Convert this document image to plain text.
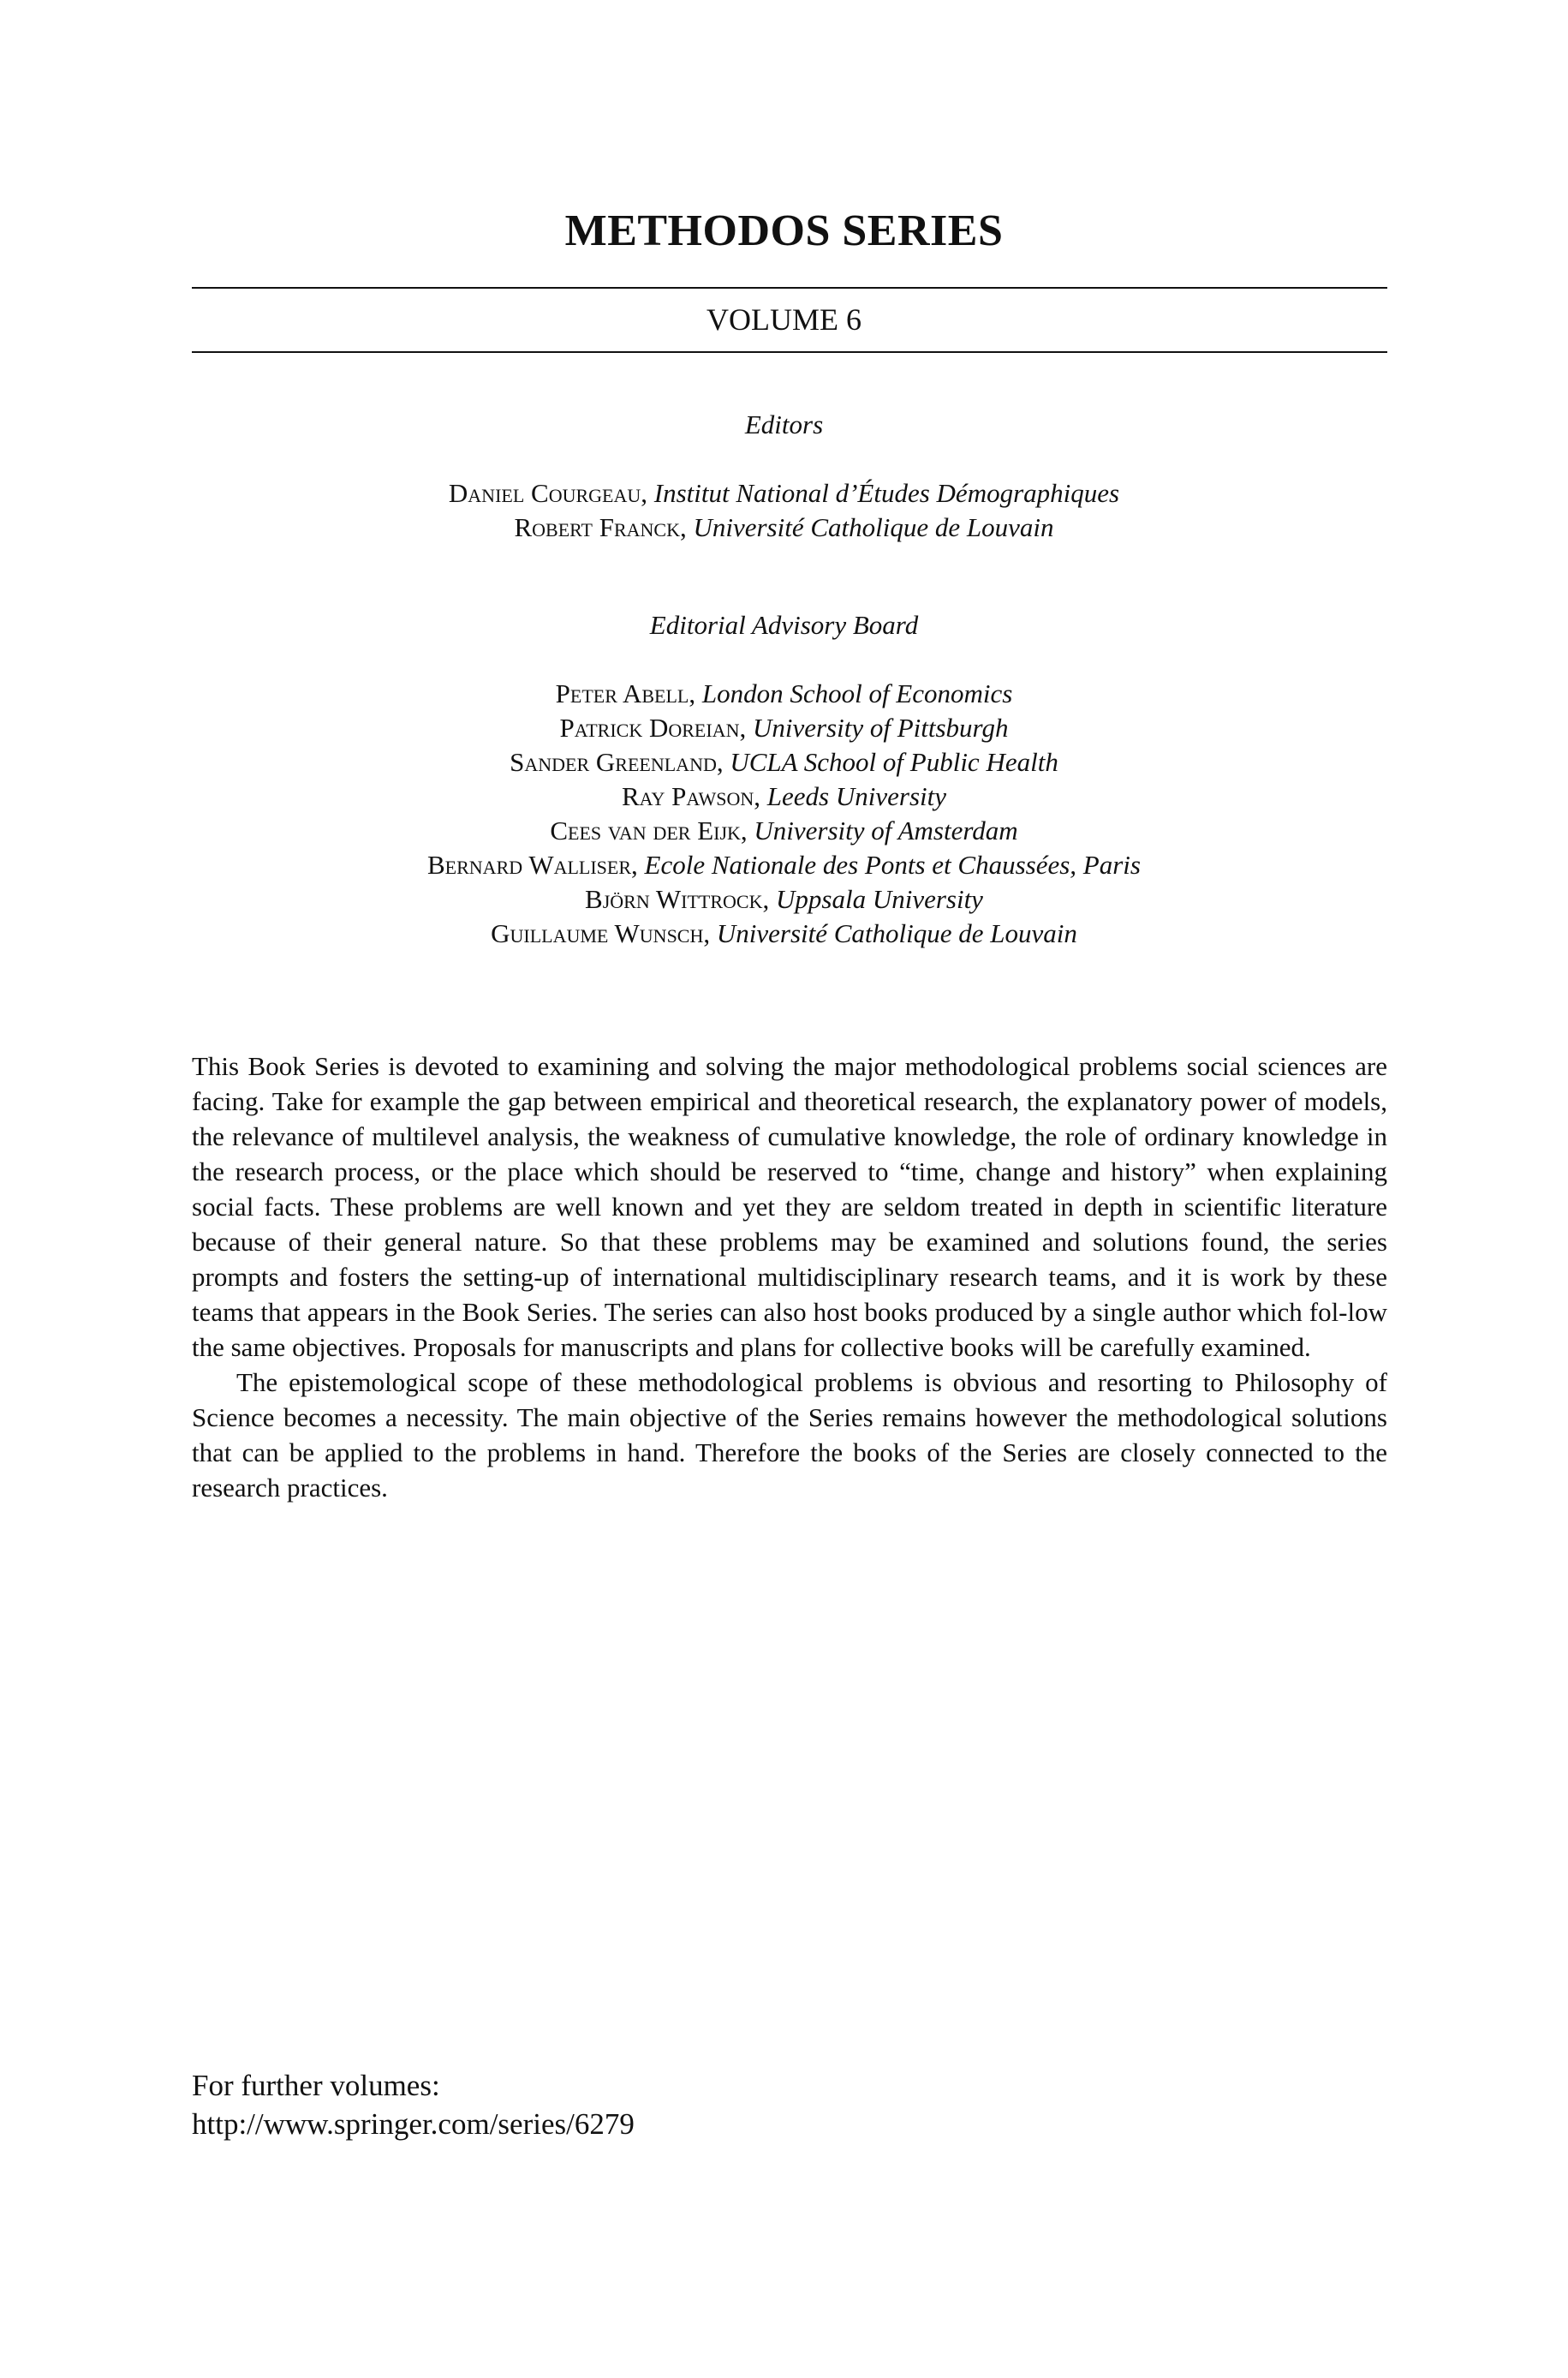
METHODOS SERIES
VOLUME 6
Editors
Daniel Courgeau, Institut National d’Études Démographiques
Robert Franck, Université Catholique de Louvain
Editorial Advisory Board
Peter Abell, London School of Economics
Patrick Doreian, University of Pittsburgh
Sander Greenland, UCLA School of Public Health
Ray Pawson, Leeds University
Cees van der Eijk, University of Amsterdam
Bernard Walliser, Ecole Nationale des Ponts et Chaussées, Paris
Björn Wittrock, Uppsala University
Guillaume Wunsch, Université Catholique de Louvain

This Book Series is devoted to examining and solving the major methodological problems social sciences are facing. Take for example the gap between empirical and theoretical research, the explanatory power of models, the relevance of multilevel analysis, the weakness of cumulative knowledge, the role of ordinary knowledge in the research process, or the place which should be reserved to “time, change and history” when explaining social facts. These problems are well known and yet they are seldom treated in depth in scientific literature because of their general nature. So that these problems may be examined and solutions found, the series prompts and fosters the setting-up of international multidisciplinary research teams, and it is work by these teams that appears in the Book Series. The series can also host books produced by a single author which fol-low the same objectives. Proposals for manuscripts and plans for collective books will be carefully examined.

The epistemological scope of these methodological problems is obvious and resorting to Philosophy of Science becomes a necessity. The main objective of the Series remains however the methodological solutions that can be applied to the problems in hand. Therefore the books of the Series are closely connected to the research practices.

For further volumes:
http://www.springer.com/series/6279
